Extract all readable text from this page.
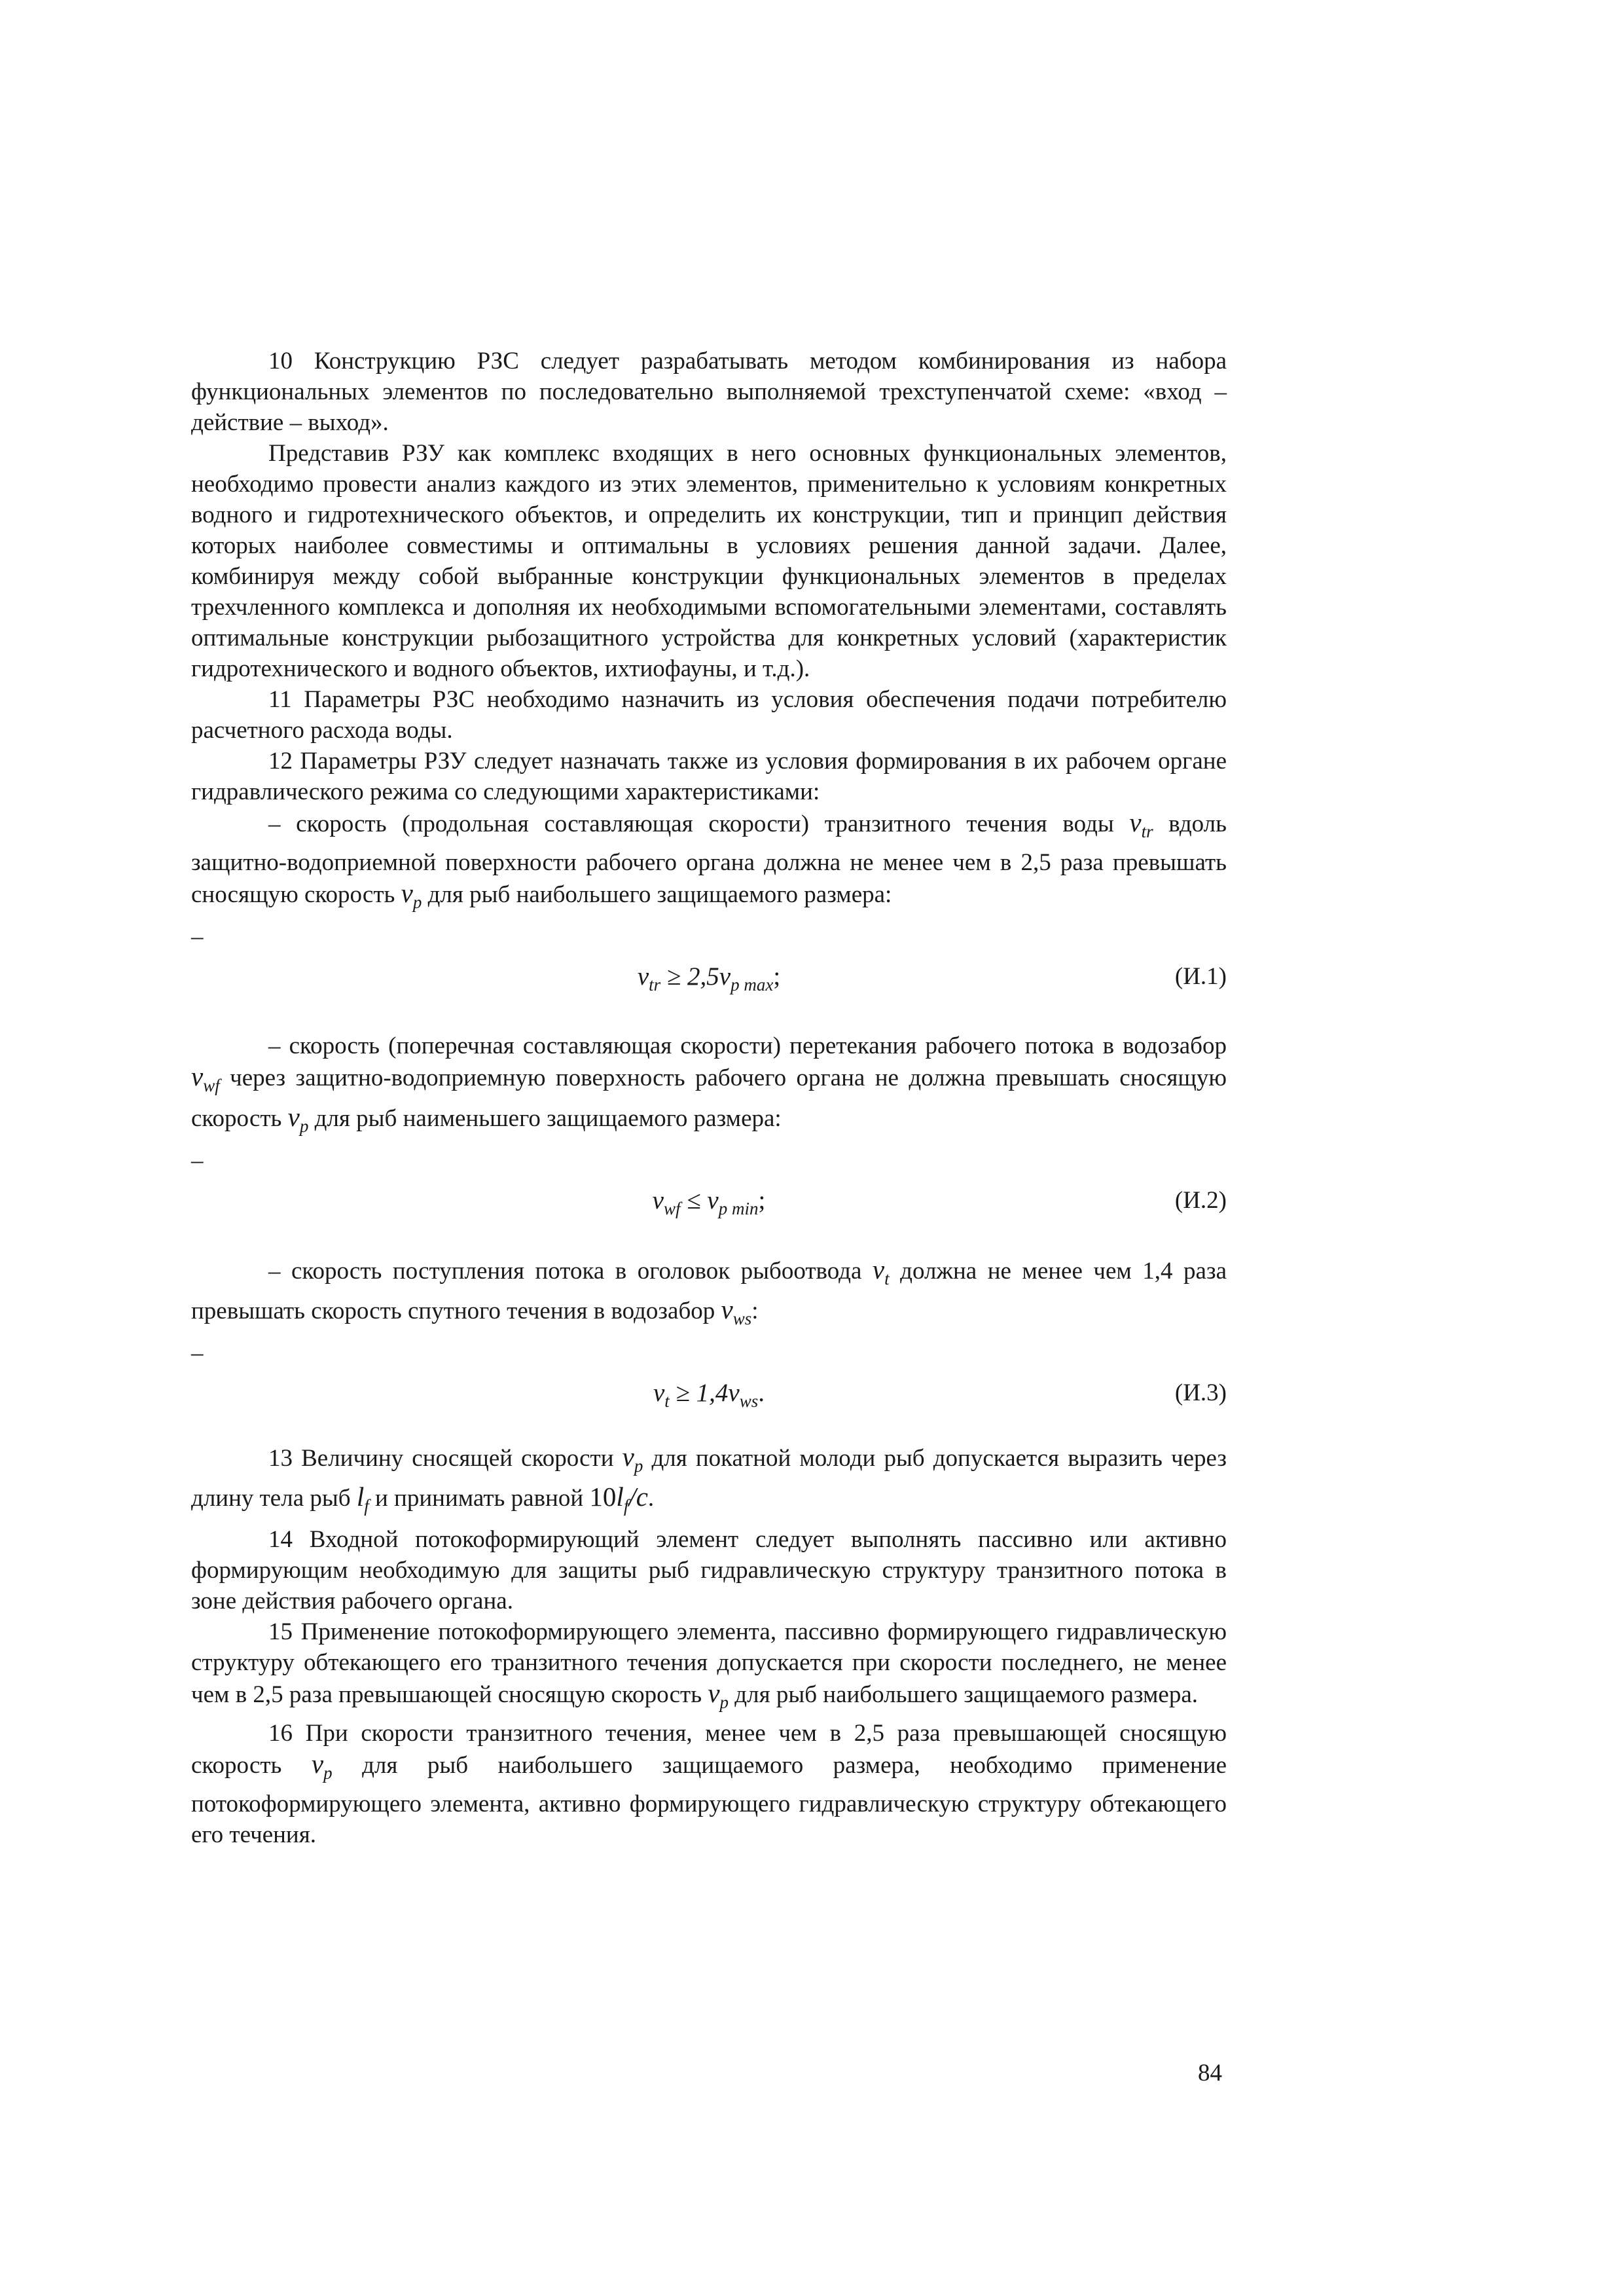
10 Конструкцию РЗС следует разрабатывать методом комбинирования из набора функциональных элементов по последовательно выполняемой трехступенчатой схеме: «вход – действие – выход».

Представив РЗУ как комплекс входящих в него основных функциональных элементов, необходимо провести анализ каждого из этих элементов, применительно к условиям конкретных водного и гидротехнического объектов, и определить их конструкции, тип и принцип действия которых наиболее совместимы и оптимальны в условиях решения данной задачи. Далее, комбинируя между собой выбранные конструкции функциональных элементов в пределах трехчленного комплекса и дополняя их необходимыми вспомогательными элементами, составлять оптимальные конструкции рыбозащитного устройства для конкретных условий (характеристик гидротехнического и водного объектов, ихтиофауны, и т.д.).

11 Параметры РЗС необходимо назначить из условия обеспечения подачи потребителю расчетного расхода воды.

12 Параметры РЗУ следует назначать также из условия формирования в их рабочем органе гидравлического режима со следующими характеристиками:

– скорость (продольная составляющая скорости) транзитного течения воды $v_{tr}$ вдоль защитно-водоприемной поверхности рабочего органа должна не менее чем в 2,5 раза превышать сносящую скорость $v_p$ для рыб наибольшего защищаемого размера:

–

$v_{tr} \ge 2,5v_{p max}$;	(И.1)

– скорость (поперечная составляющая скорости) перетекания рабочего потока в водозабор $v_{wf}$ через защитно-водоприемную поверхность рабочего органа не должна превышать сносящую скорость $v_p$ для рыб наименьшего защищаемого размера:

–

$v_{wf} \le v_{p min}$;	(И.2)

– скорость поступления потока в оголовок рыбоотвода $v_t$ должна не менее чем 1,4 раза превышать скорость спутного течения в водозабор $v_{ws}$:

–

$v_t \ge 1,4v_{ws}$.	(И.3)

13 Величину сносящей скорости $v_p$ для покатной молоди рыб допускается выразить через длину тела рыб $l_f$ и принимать равной $10l_f/c$.

14 Входной потокоформирующий элемент следует выполнять пассивно или активно формирующим необходимую для защиты рыб гидравлическую структуру транзитного потока в зоне действия рабочего органа.

15 Применение потокоформирующего элемента, пассивно формирующего гидравлическую структуру обтекающего его транзитного течения допускается при скорости последнего, не менее чем в 2,5 раза превышающей сносящую скорость $v_p$ для рыб наибольшего защищаемого размера.

16 При скорости транзитного течения, менее чем в 2,5 раза превышающей сносящую скорость $v_p$ для рыб наибольшего защищаемого размера, необходимо применение потокоформирующего элемента, активно формирующего гидравлическую структуру обтекающего его течения.

84
